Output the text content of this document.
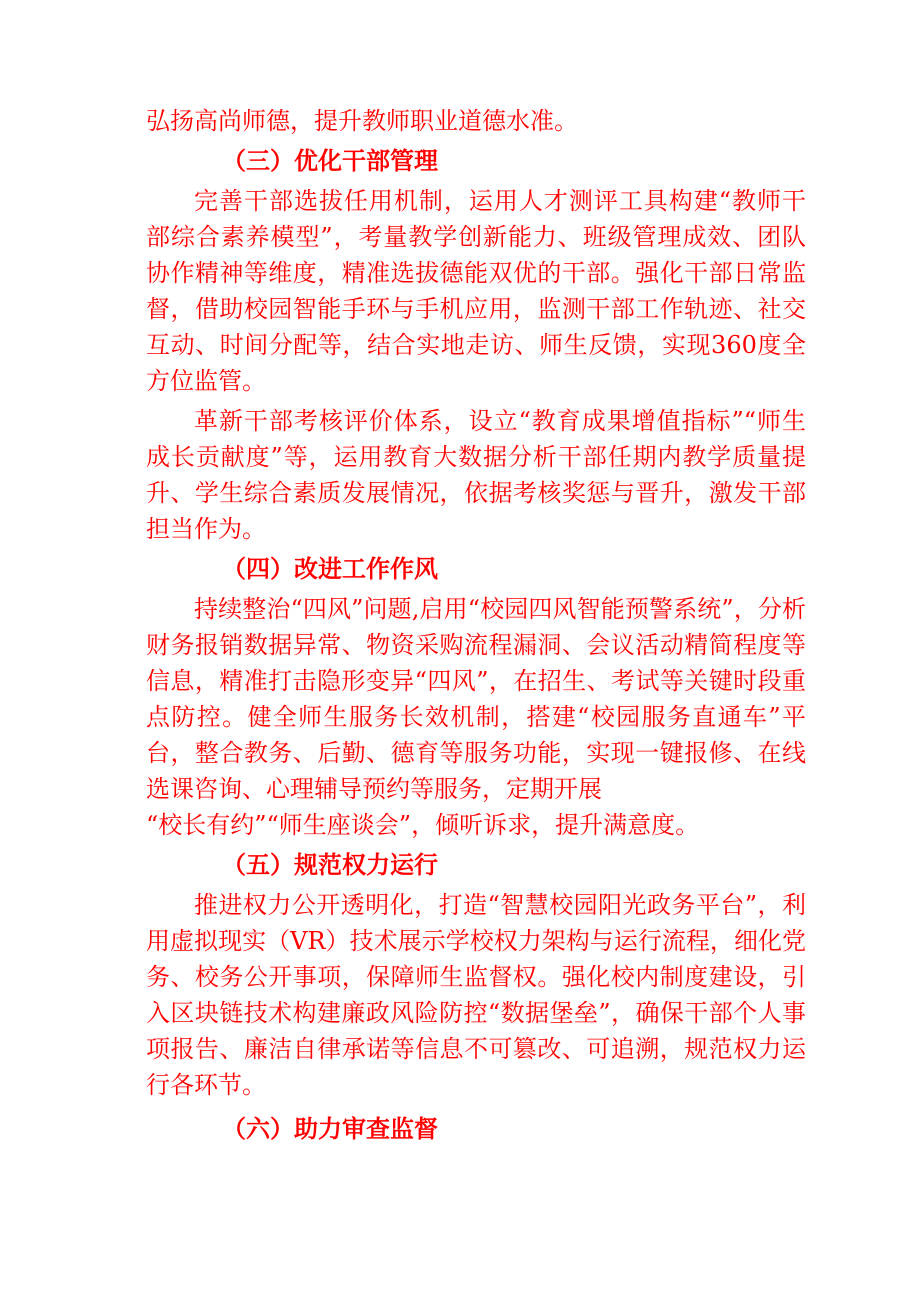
弘扬高尚师德，提升教师职业道德水准。

（三）优化干部管理

完善干部选拔任用机制，运用人才测评工具构建“教师干部综合素养模型”，考量教学创新能力、班级管理成效、团队协作精神等维度，精准选拔德能双优的干部。强化干部日常监督，借助校园智能手环与手机应用，监测干部工作轨迹、社交互动、时间分配等，结合实地走访、师生反馈，实现360度全方位监管。

革新干部考核评价体系，设立“教育成果增值指标”“师生成长贡献度”等，运用教育大数据分析干部任期内教学质量提升、学生综合素质发展情况，依据考核奖惩与晋升，激发干部担当作为。

（四）改进工作作风

持续整治“四风”问题,启用“校园四风智能预警系统”，分析财务报销数据异常、物资采购流程漏洞、会议活动精简程度等信息，精准打击隐形变异“四风”，在招生、考试等关键时段重点防控。健全师生服务长效机制，搭建“校园服务直通车”平台，整合教务、后勤、德育等服务功能，实现一键报修、在线选课咨询、心理辅导预约等服务，定期开展

“校长有约”“师生座谈会”，倾听诉求，提升满意度。

（五）规范权力运行

推进权力公开透明化，打造“智慧校园阳光政务平台”，利用虚拟现实（VR）技术展示学校权力架构与运行流程，细化党务、校务公开事项，保障师生监督权。强化校内制度建设，引入区块链技术构建廉政风险防控“数据堡垒”，确保干部个人事项报告、廉洁自律承诺等信息不可篡改、可追溯，规范权力运行各环节。

（六）助力审查监督
